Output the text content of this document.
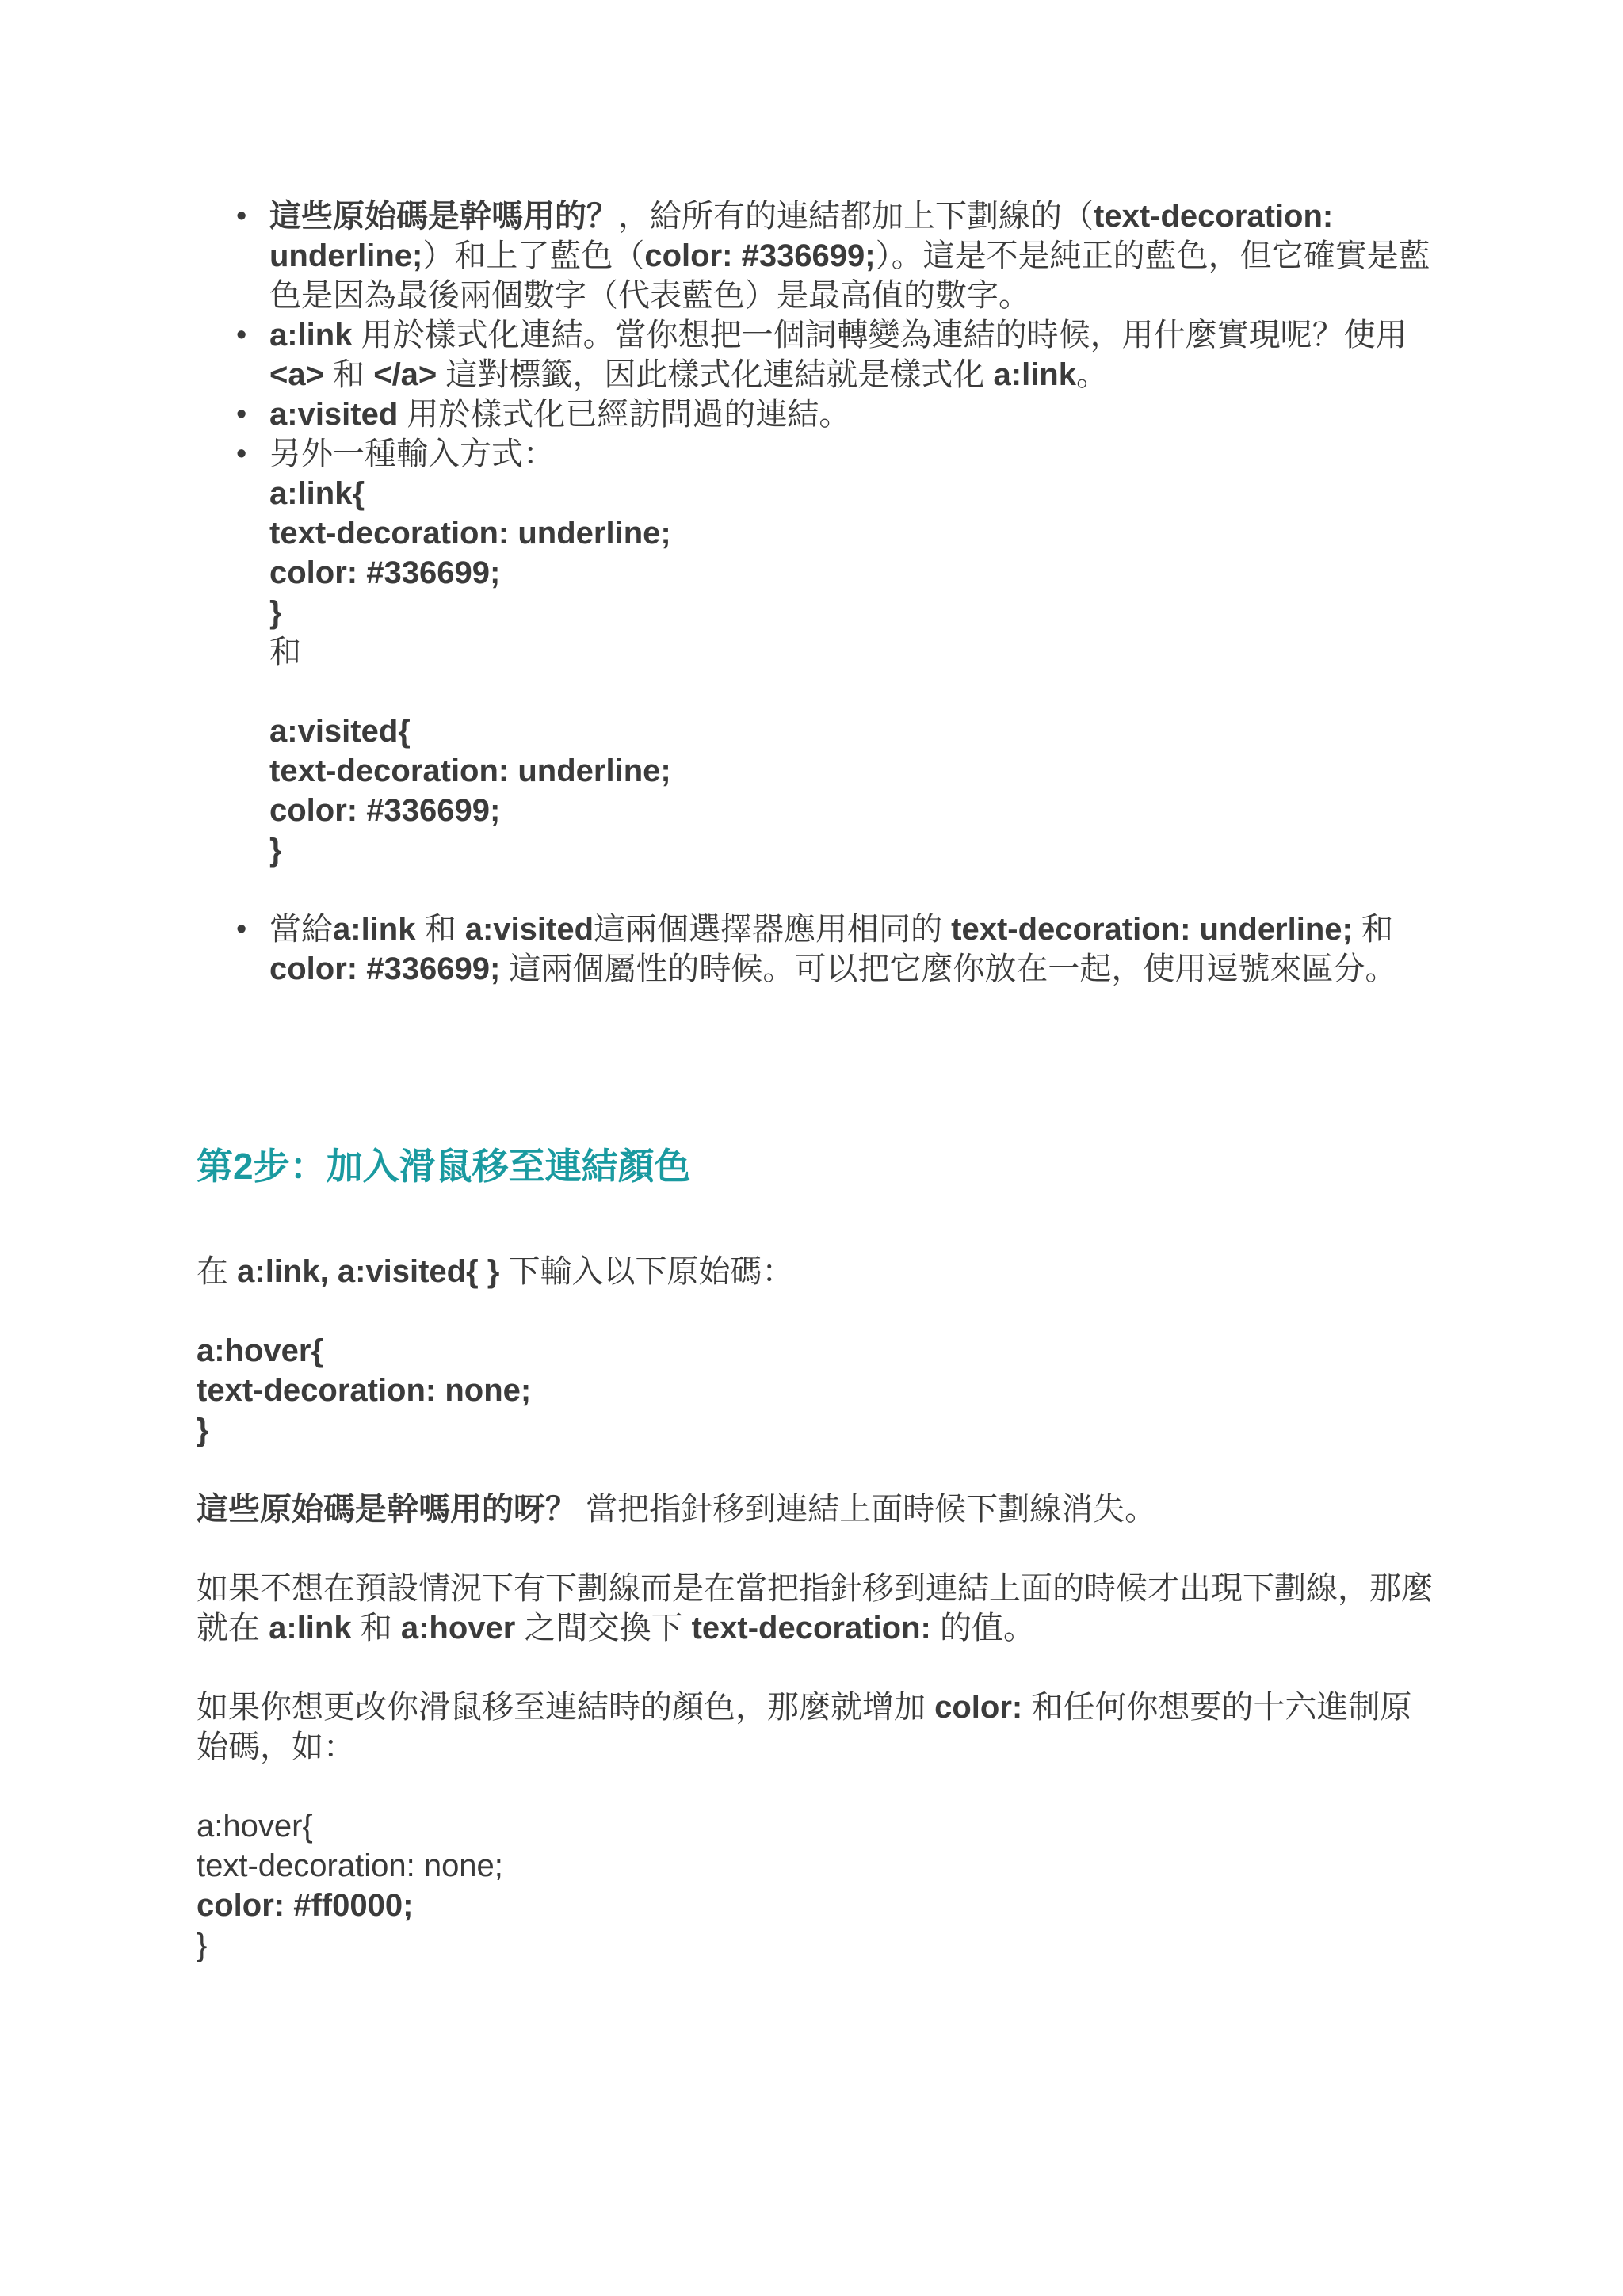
• 這些原始碼是幹嗎用的？，給所有的連結都加上下劃線的（text-decoration: underline;）和上了藍色（color: #336699;）。這是不是純正的藍色，但它確實是藍色是因為最後兩個數字（代表藍色）是最高值的數字。
• a:link 用於樣式化連結。當你想把一個詞轉變為連結的時候，用什麼實現呢？使用 <a> 和 </a> 這對標籤，因此樣式化連結就是樣式化 a:link。
• a:visited 用於樣式化已經訪問過的連結。
• 另外一種輸入方式：
a:link{
text-decoration: underline;
color: #336699;
}
和
a:visited{
text-decoration: underline;
color: #336699;
}
• 當給a:link 和 a:visited這兩個選擇器應用相同的 text-decoration: underline; 和 color: #336699; 這兩個屬性的時候。可以把它麼你放在一起，使用逗號來區分。
第2步：加入滑鼠移至連結顏色

在 a:link, a:visited{ } 下輸入以下原始碼：

a:hover{

text-decoration: none;

}

這些原始碼是幹嗎用的呀？ 當把指針移到連結上面時候下劃線消失。

如果不想在預設情況下有下劃線而是在當把指針移到連結上面的時候才出現下劃線，那麼就在 a:link 和 a:hover 之間交換下 text-decoration: 的值。

如果你想更改你滑鼠移至連結時的顏色，那麼就增加 color: 和任何你想要的十六進制原始碼，如：

a:hover{

text-decoration: none;

color: #ff0000;

}
